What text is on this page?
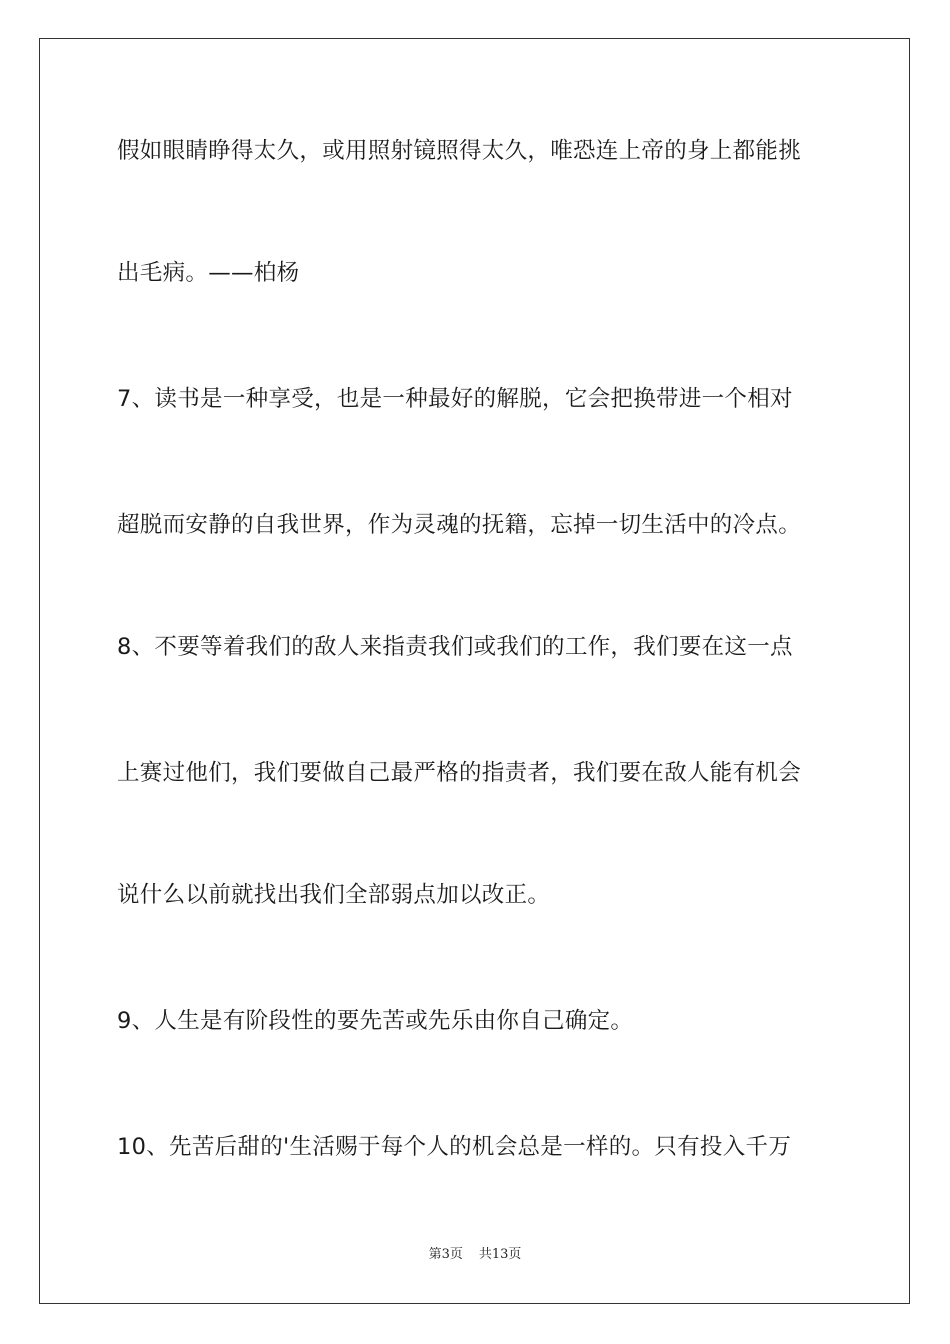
假如眼睛睁得太久，或用照射镜照得太久，唯恐连上帝的身上都能挑
出毛病。——柏杨
7、读书是一种享受，也是一种最好的解脱，它会把换带进一个相对
超脱而安静的自我世界，作为灵魂的抚籍，忘掉一切生活中的冷点。
8、不要等着我们的敌人来指责我们或我们的工作，我们要在这一点
上赛过他们，我们要做自己最严格的指责者，我们要在敌人能有机会
说什么以前就找出我们全部弱点加以改正。
9、人生是有阶段性的要先苦或先乐由你自己确定。
10、先苦后甜的'生活赐于每个人的机会总是一样的。只有投入千万
第3页 共13页
